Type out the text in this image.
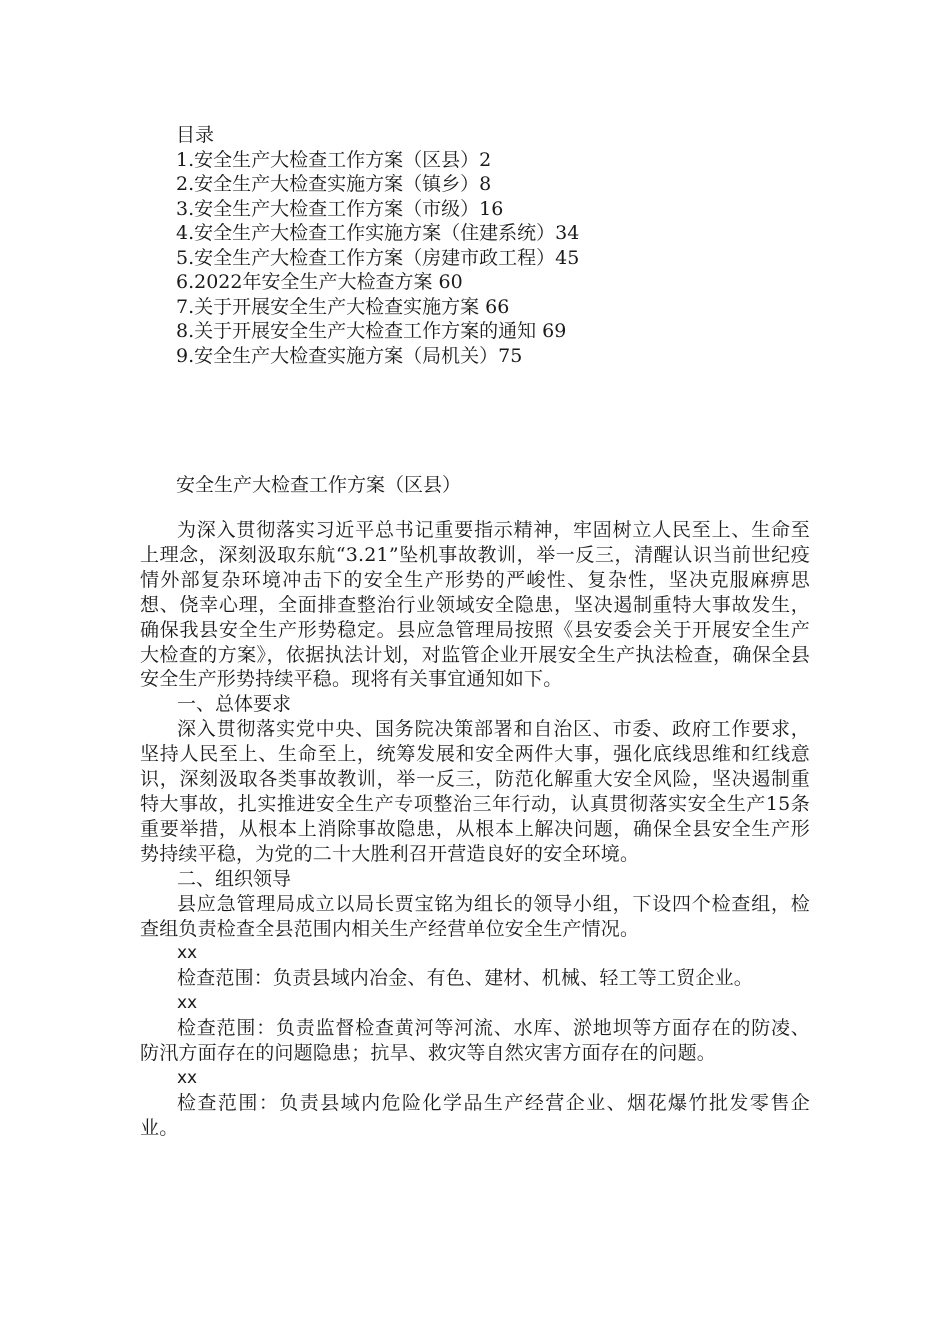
目录
1.安全生产大检查工作方案（区县）2
2.安全生产大检查实施方案（镇乡）8
3.安全生产大检查工作方案（市级）16
4.安全生产大检查工作实施方案（住建系统）34
5.安全生产大检查工作方案（房建市政工程）45
6.2022年安全生产大检查方案 60
7.关于开展安全生产大检查实施方案 66
8.关于开展安全生产大检查工作方案的通知 69
9.安全生产大检查实施方案（局机关）75
安全生产大检查工作方案（区县）

为深入贯彻落实习近平总书记重要指示精神，牢固树立人民至上、生命至上理念，深刻汲取东航“3.21”坠机事故教训，举一反三，清醒认识当前世纪疫情外部复杂环境冲击下的安全生产形势的严峻性、复杂性，坚决克服麻痹思想、侥幸心理，全面排查整治行业领域安全隐患，坚决遏制重特大事故发生，确保我县安全生产形势稳定。县应急管理局按照《县安委会关于开展安全生产大检查的方案》，依据执法计划，对监管企业开展安全生产执法检查，确保全县安全生产形势持续平稳。现将有关事宜通知如下。

一、总体要求

深入贯彻落实党中央、国务院决策部署和自治区、市委、政府工作要求，坚持人民至上、生命至上，统筹发展和安全两件大事，强化底线思维和红线意识，深刻汲取各类事故教训，举一反三，防范化解重大安全风险，坚决遏制重特大事故，扎实推进安全生产专项整治三年行动，认真贯彻落实安全生产15条重要举措，从根本上消除事故隐患，从根本上解决问题，确保全县安全生产形势持续平稳，为党的二十大胜利召开营造良好的安全环境。

二、组织领导

县应急管理局成立以局长贾宝铭为组长的领导小组，下设四个检查组，检查组负责检查全县范围内相关生产经营单位安全生产情况。

xx

检查范围：负责县域内冶金、有色、建材、机械、轻工等工贸企业。

xx

检查范围：负责监督检查黄河等河流、水库、淤地坝等方面存在的防凌、防汛方面存在的问题隐患；抗旱、救灾等自然灾害方面存在的问题。

xx

检查范围：负责县域内危险化学品生产经营企业、烟花爆竹批发零售企业。
